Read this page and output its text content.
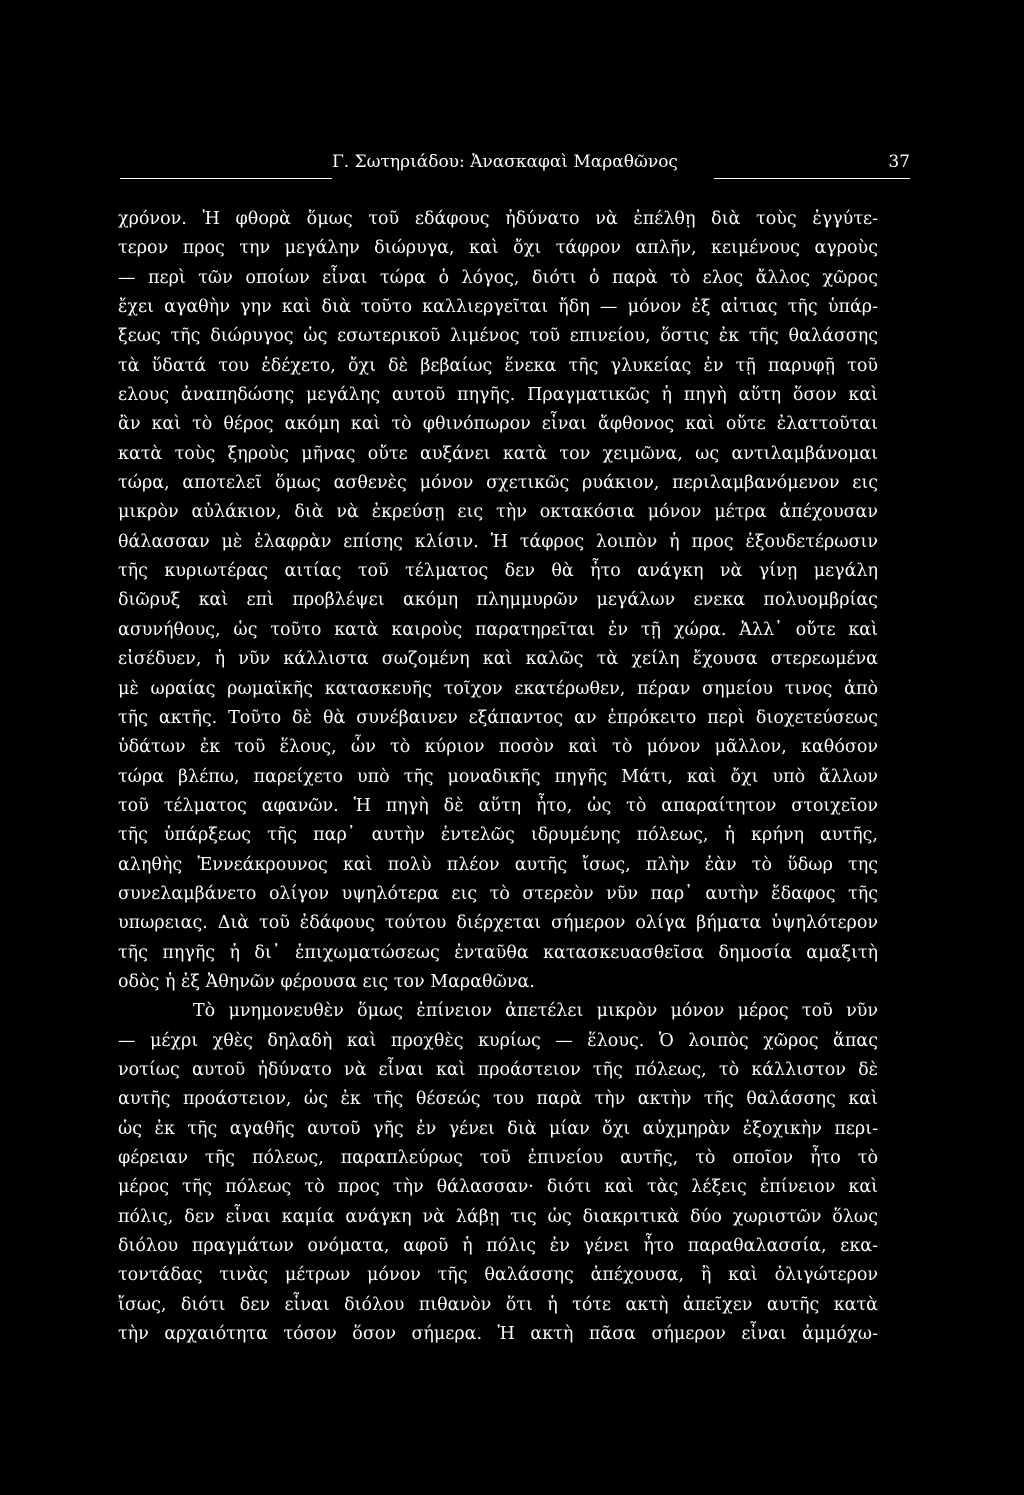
Γ. Σωτηριάδου: Ἀνασκαφαὶ Μαραθῶνος	37
χρόνον. Ἡ φθορὰ ὅμως τοῦ εδάφους ἠδύνατο νὰ ἐπέλθῃ διὰ τοὺς ἐγγύτε-
τερον προς την μεγάλην διώρυγα, καὶ ὄχι τάφρον απλῆν, κειμένους αγροὺς
— περὶ τῶν οποίων εἶναι τώρα ὁ λόγος, διότι ὁ παρὰ τὸ ελος ἄλλος χῶρος
ἔχει αγαθὴν γην καὶ διὰ τοῦτο καλλιεργεῖται ἤδη — μόνον ἐξ αἰτιας τῆς ὑπάρ-
ξεως τῆς διώρυγος ὡς εσωτερικοῦ λιμένος τοῦ επινείου, ὅστις ἐκ τῆς θαλάσσης
τὰ ὕδατά του ἐδέχετο, ὄχι δὲ βεβαίως ἕνεκα τῆς γλυκείας ἐν τῇ παρυφῇ τοῦ
ελους ἀναπηδώσης μεγάλης αυτοῦ πηγῆς. Πραγματικῶς ἡ πηγὴ αὕτη ὅσον καὶ
ἂν καὶ τὸ θέρος ακόμη καὶ τὸ φθινόπωρον εἶναι ἄφθονος καὶ οὔτε ἐλαττοῦται
κατὰ τοὺς ξηροὺς μῆνας οὔτε αυξάνει κατὰ τον χειμῶνα, ως αντιλαμβάνομαι
τώρα, αποτελεῖ ὅμως ασθενὲς μόνον σχετικῶς ρυάκιον, περιλαμβανόμενον εις
μικρὸν αὐλάκιον, διὰ νὰ ἐκρεύσῃ εις τὴν οκτακόσια μόνον μέτρα ἀπέχουσαν
θάλασσαν μὲ ἐλαφρὰν επίσης κλίσιν. Ἡ τάφρος λοιπὸν ἡ προς ἐξουδετέρωσιν
τῆς κυριωτέρας αιτίας τοῦ τέλματος δεν θὰ ἦτο ανάγκη νὰ γίνῃ μεγάλη
διῶρυξ καὶ επὶ προβλέψει ακόμη πλημμυρῶν μεγάλων ενεκα πολυομβρίας
ασυνήθους, ὡς τοῦτο κατὰ καιροὺς παρατηρεῖται ἐν τῇ χώρα. Ἀλλ᾿ οὔτε καὶ
εἰσέδυεν, ἡ νῦν κάλλιστα σωζομένη καὶ καλῶς τὰ χείλη ἔχουσα στερεωμένα
μὲ ωραίας ρωμαϊκῆς κατασκευῆς τοῖχον εκατέρωθεν, πέραν σημείου τινος ἀπὸ
τῆς ακτῆς. Τοῦτο δὲ θὰ συνέβαινεν εξάπαντος αν ἐπρόκειτο περὶ διοχετεύσεως
ὑδάτων ἐκ τοῦ ἕλους, ὧν τὸ κύριον ποσὸν καὶ τὸ μόνον μᾶλλον, καθόσον
τώρα βλέπω, παρείχετο υπὸ τῆς μοναδικῆς πηγῆς Μάτι, καὶ ὄχι υπὸ ἄλλων
τοῦ τέλματος αφανῶν. Ἡ πηγὴ δὲ αὕτη ἦτο, ὡς τὸ απαραίτητον στοιχεῖον
τῆς ὑπάρξεως τῆς παρ᾿ αυτὴν ἐντελῶς ιδρυμένης πόλεως, ἡ κρήνη αυτῆς,
αληθὴς Ἐννεάκρουνος καὶ πολὺ πλέον αυτῆς ἴσως, πλὴν ἐὰν τὸ ὕδωρ της
συνελαμβάνετο ολίγον υψηλότερα εις τὸ στερεὸν νῦν παρ᾿ αυτὴν ἔδαφος τῆς
υπωρειας. Διὰ τοῦ ἐδάφους τούτου διέρχεται σήμερον ολίγα βήματα ὑψηλότερον
τῆς πηγῆς ἡ δι᾿ ἐπιχωματώσεως ἐνταῦθα κατασκευασθεῖσα δημοσία αμαξιτὴ
οδὸς ἡ ἐξ Ἀθηνῶν φέρουσα εις τον Μαραθῶνα.
Τὸ μνημονευθὲν ὅμως ἐπίνειον ἀπετέλει μικρὸν μόνον μέρος τοῦ νῦν
— μέχρι χθὲς δηλαδὴ καὶ προχθὲς κυρίως — ἕλους. Ὁ λοιπὸς χῶρος ἅπας
νοτίως αυτοῦ ἠδύνατο νὰ εἶναι καὶ προάστειον τῆς πόλεως, τὸ κάλλιστον δὲ
αυτῆς προάστειον, ὡς ἐκ τῆς θέσεώς του παρὰ τὴν ακτὴν τῆς θαλάσσης καὶ
ὡς ἐκ τῆς αγαθῆς αυτοῦ γῆς ἐν γένει διὰ μίαν ὄχι αὐχμηρὰν ἐξοχικὴν περι-
φέρειαν τῆς πόλεως, παραπλεύρως τοῦ ἐπινείου αυτῆς, τὸ οποῖον ἦτο τὸ
μέρος τῆς πόλεως τὸ προς τὴν θάλασσαν· διότι καὶ τὰς λέξεις ἐπίνειον καὶ
πόλις, δεν εἶναι καμία ανάγκη νὰ λάβῃ τις ὡς διακριτικὰ δύο χωριστῶν ὅλως
διόλου πραγμάτων ονόματα, αφοῦ ἡ πόλις ἐν γένει ἦτο παραθαλασσία, εκα-
τοντάδας τινὰς μέτρων μόνον τῆς θαλάσσης ἀπέχουσα, ἢ καὶ ὀλιγώτερον
ἴσως, διότι δεν εἶναι διόλου πιθανὸν ὅτι ἡ τότε ακτὴ ἀπεῖχεν αυτῆς κατὰ
τὴν αρχαιότητα τόσον ὅσον σήμερα. Ἡ ακτὴ πᾶσα σήμερον εἶναι ἀμμόχω-
